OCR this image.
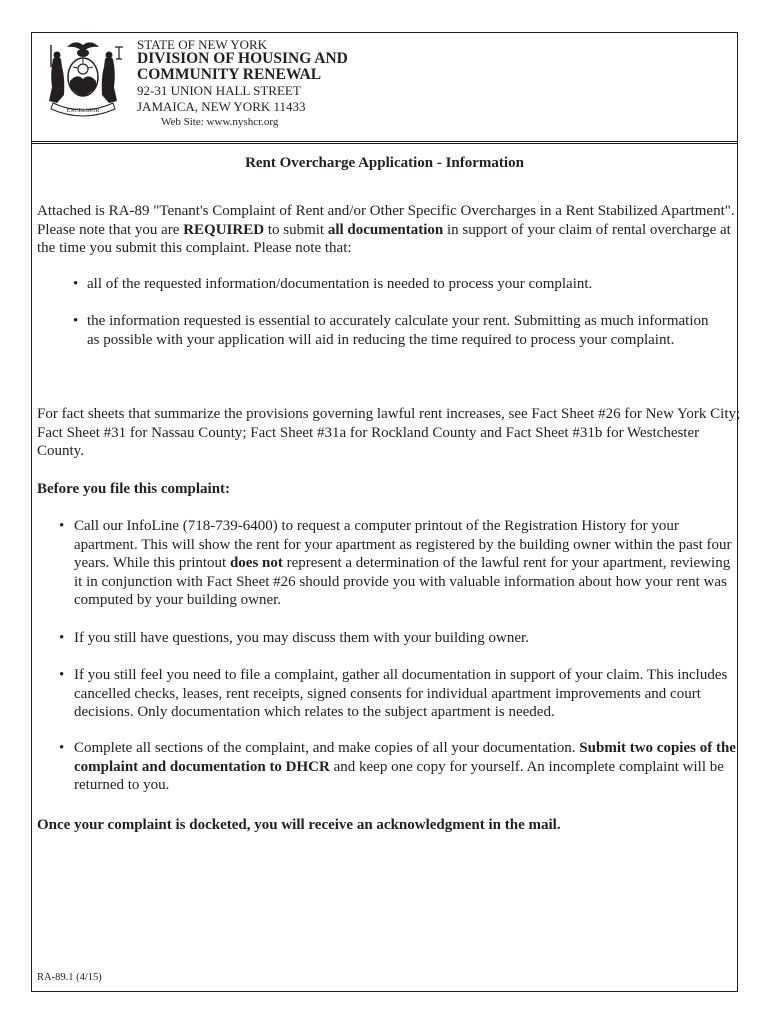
EXCELSIOR
STATE OF NEW YORK
DIVISION OF HOUSING AND
COMMUNITY RENEWAL
92-31 UNION HALL STREET
JAMAICA, NEW YORK 11433
Web Site: www.nyshcr.org
Rent Overcharge Application - Information

Attached is RA-89 "Tenant's Complaint of Rent and/or Other Specific Overcharges in a Rent Stabilized Apartment". Please note that you are REQUIRED to submit all documentation in support of your claim of rental overcharge at the time you submit this complaint. Please note that:

• all of the requested information/documentation is needed to process your complaint.
• the information requested is essential to accurately calculate your rent. Submitting as much information as possible with your application will aid in reducing the time required to process your complaint.

For fact sheets that summarize the provisions governing lawful rent increases, see Fact Sheet #26 for New York City; Fact Sheet #31 for Nassau County; Fact Sheet #31a for Rockland County and Fact Sheet #31b for Westchester County.

Before you file this complaint:
• Call our InfoLine (718-739-6400) to request a computer printout of the Registration History for your apartment. This will show the rent for your apartment as registered by the building owner within the past four years. While this printout does not represent a determination of the lawful rent for your apartment, reviewing it in conjunction with Fact Sheet #26 should provide you with valuable information about how your rent was computed by your building owner.
• If you still have questions, you may discuss them with your building owner.
• If you still feel you need to file a complaint, gather all documentation in support of your claim. This includes cancelled checks, leases, rent receipts, signed consents for individual apartment improvements and court decisions. Only documentation which relates to the subject apartment is needed.
• Complete all sections of the complaint, and make copies of all your documentation. Submit two copies of the complaint and documentation to DHCR and keep one copy for yourself. An incomplete complaint will be returned to you.
Once your complaint is docketed, you will receive an acknowledgment in the mail.
RA-89.1 (4/15)
